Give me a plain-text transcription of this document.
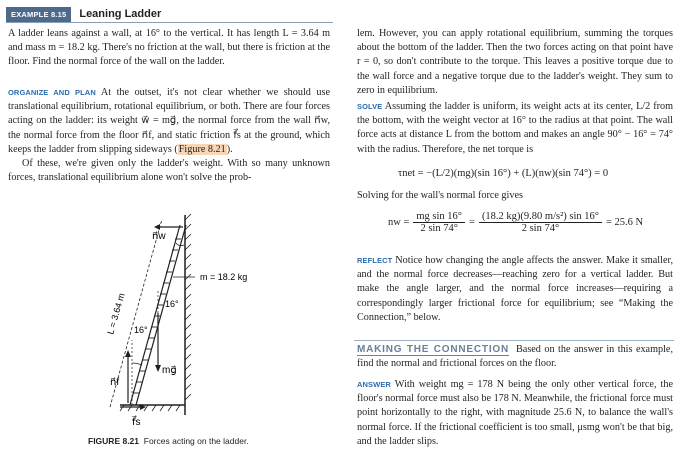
EXAMPLE 8.15	Leaning Ladder

A ladder leans against a wall, at 16° to the vertical. It has length L = 3.64 m and mass m = 18.2 kg. There's no friction at the wall, but there is friction at the floor. Find the normal force of the wall on the ladder.

ORGANIZE AND PLAN At the outset, it's not clear whether we should use translational equilibrium, rotational equilibrium, or both. There are four forces acting on the ladder: its weight w⃗ = mg⃗, the normal force from the wall n⃗w, the normal force from the floor n⃗f, and static friction f⃗s at the ground, which keeps the ladder from slipping sideways (Figure 8.21).

Of these, we're given only the ladder's weight. With so many unknown forces, translational equilibrium alone won't solve the prob-

L = 3.64 m
n⃗w
16°
m = 18.2 kg
mg⃗
16°
n⃗f
f⃗s
FIGURE 8.21 Forces acting on the ladder.

lem. However, you can apply rotational equilibrium, summing the torques about the bottom of the ladder. Then the two forces acting on that point have r = 0, so don't contribute to the torque. This leaves a positive torque due to the wall force and a negative torque due to the ladder's weight. They sum to zero in equilibrium.

SOLVE Assuming the ladder is uniform, its weight acts at its center, L/2 from the bottom, with the weight vector at 16° to the radius at that point. The wall force acts at distance L from the bottom and makes an angle 90° − 16° = 74° with the radius. Therefore, the net torque is

τnet = −(L/2)(mg)(sin 16°) + (L)(nw)(sin 74°) = 0

Solving for the wall's normal force gives

nw = $\frac{\text{mg sin 16°}}{2 \sin 74^\circ} = \frac{\text{(18.2 kg)(9.80 m/s²) sin 16°}}{2 \sin 74^\circ} = 25.6$ N

REFLECT Notice how changing the angle affects the answer. Make it smaller, and the normal force decreases—reaching zero for a vertical ladder. But make the angle larger, and the normal force increases—requiring a correspondingly larger frictional force for equilibrium; see “Making the Connection,” below.

MAKING THE CONNECTION Based on the answer in this example, find the normal and frictional forces on the floor.

ANSWER With weight mg = 178 N being the only other vertical force, the floor's normal force must also be 178 N. Meanwhile, the frictional force must point horizontally to the right, with magnitude 25.6 N, to balance the wall's normal force. If the frictional coefficient is too small, μsmg won't be that big, and the ladder slips.
